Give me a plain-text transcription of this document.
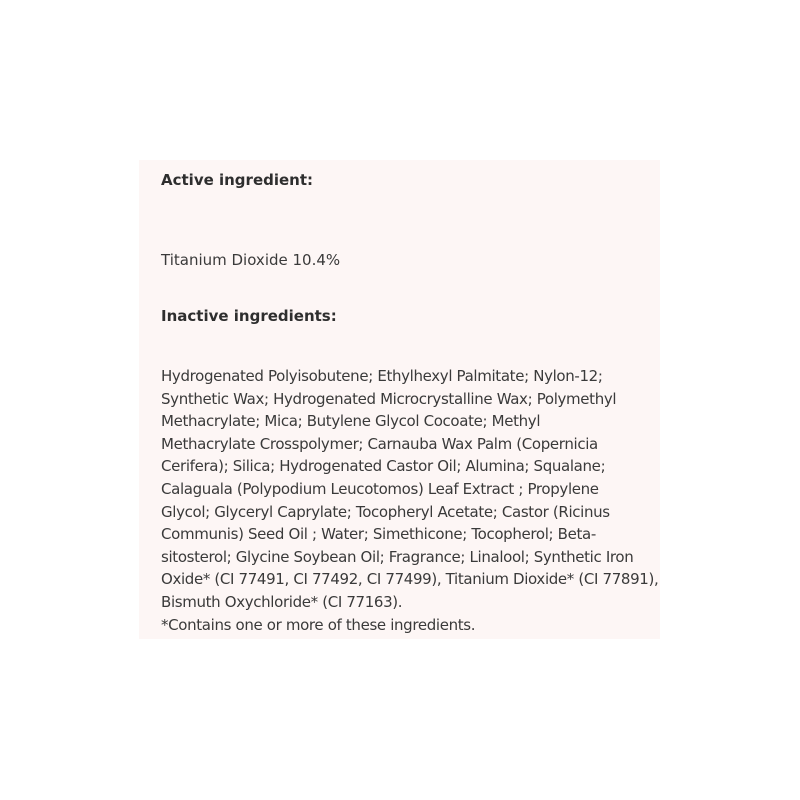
Active ingredient:

Titanium Dioxide 10.4%

Inactive ingredients:

Hydrogenated Polyisobutene; Ethylhexyl Palmitate; Nylon-12;
Synthetic Wax; Hydrogenated Microcrystalline Wax; Polymethyl
Methacrylate; Mica; Butylene Glycol Cocoate; Methyl
Methacrylate Crosspolymer; Carnauba Wax Palm (Copernicia
Cerifera); Silica; Hydrogenated Castor Oil; Alumina; Squalane;
Calaguala (Polypodium Leucotomos) Leaf Extract ; Propylene
Glycol; Glyceryl Caprylate; Tocopheryl Acetate; Castor (Ricinus
Communis) Seed Oil ; Water; Simethicone; Tocopherol; Beta-
sitosterol; Glycine Soybean Oil; Fragrance; Linalool; Synthetic Iron
Oxide* (CI 77491, CI 77492, CI 77499), Titanium Dioxide* (CI 77891),
Bismuth Oxychloride* (CI 77163).
*Contains one or more of these ingredients.
